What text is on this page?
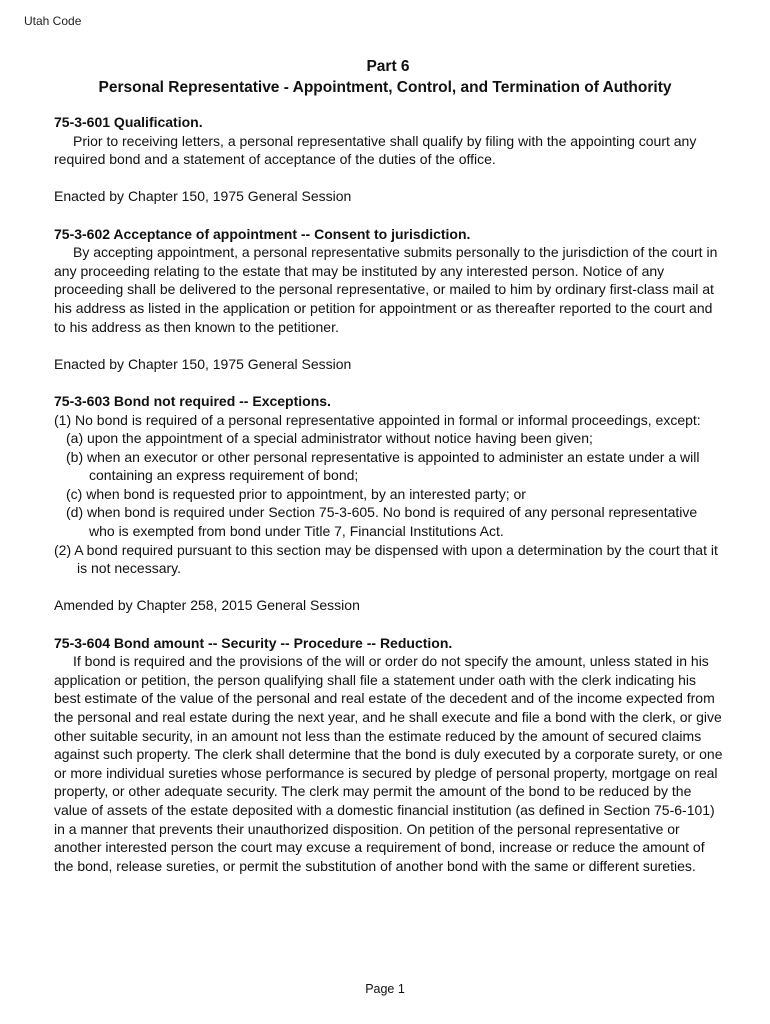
Utah Code
Part 6
Personal Representative - Appointment, Control, and Termination of Authority

75-3-601 Qualification.

Prior to receiving letters, a personal representative shall qualify by filing with the appointing court any required bond and a statement of acceptance of the duties of the office.

Enacted by Chapter 150, 1975 General Session

75-3-602 Acceptance of appointment -- Consent to jurisdiction.

By accepting appointment, a personal representative submits personally to the jurisdiction of the court in any proceeding relating to the estate that may be instituted by any interested person. Notice of any proceeding shall be delivered to the personal representative, or mailed to him by ordinary first-class mail at his address as listed in the application or petition for appointment or as thereafter reported to the court and to his address as then known to the petitioner.

Enacted by Chapter 150, 1975 General Session

75-3-603 Bond not required -- Exceptions.

(1) No bond is required of a personal representative appointed in formal or informal proceedings, except:

(a) upon the appointment of a special administrator without notice having been given;

(b) when an executor or other personal representative is appointed to administer an estate under a will containing an express requirement of bond;

(c) when bond is requested prior to appointment, by an interested party; or

(d) when bond is required under Section 75-3-605. No bond is required of any personal representative who is exempted from bond under Title 7, Financial Institutions Act.

(2) A bond required pursuant to this section may be dispensed with upon a determination by the court that it is not necessary.

Amended by Chapter 258, 2015 General Session

75-3-604 Bond amount -- Security -- Procedure -- Reduction.

If bond is required and the provisions of the will or order do not specify the amount, unless stated in his application or petition, the person qualifying shall file a statement under oath with the clerk indicating his best estimate of the value of the personal and real estate of the decedent and of the income expected from the personal and real estate during the next year, and he shall execute and file a bond with the clerk, or give other suitable security, in an amount not less than the estimate reduced by the amount of secured claims against such property. The clerk shall determine that the bond is duly executed by a corporate surety, or one or more individual sureties whose performance is secured by pledge of personal property, mortgage on real property, or other adequate security. The clerk may permit the amount of the bond to be reduced by the value of assets of the estate deposited with a domestic financial institution (as defined in Section 75-6-101) in a manner that prevents their unauthorized disposition. On petition of the personal representative or another interested person the court may excuse a requirement of bond, increase or reduce the amount of the bond, release sureties, or permit the substitution of another bond with the same or different sureties.

Page 1
